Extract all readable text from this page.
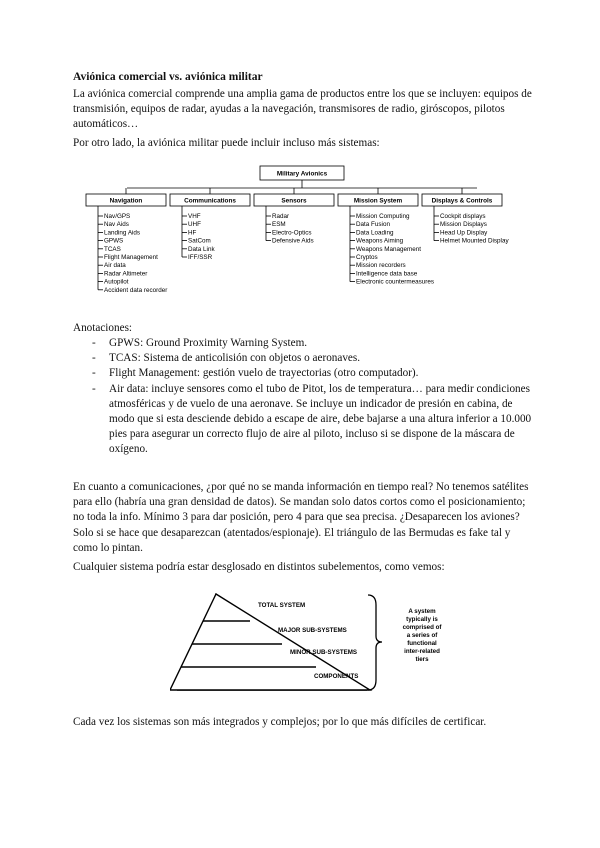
Aviónica comercial vs. aviónica militar
La aviónica comercial comprende una amplia gama de productos entre los que se incluyen: equipos de transmisión, equipos de radar, ayudas a la navegación, transmisores de radio, giróscopos, pilotos automáticos…
Por otro lado, la aviónica militar puede incluir incluso más sistemas:
Military Avionics
Navigation
Nav/GPS
Nav Aids
Landing Aids
GPWS
TCAS
Flight Management
Air data
Radar Altimeter
Autopilot
Accident data recorder
Communications
VHF
UHF
HF
SatCom
Data Link
IFF/SSR
Sensors
Radar
ESM
Electro-Optics
Defensive Aids
Mission System
Mission Computing
Data Fusion
Data Loading
Weapons Aiming
Weapons Management
Cryptos
Mission recorders
Intelligence data base
Electronic countermeasures
Displays & Controls
Cockpit displays
Mission Displays
Head Up Display
Helmet Mounted Display
Anotaciones:
- GPWS: Ground Proximity Warning System.
- TCAS: Sistema de anticolisión con objetos o aeronaves.
- Flight Management: gestión vuelo de trayectorias (otro computador).
- Air data: incluye sensores como el tubo de Pitot, los de temperatura… para medir condiciones atmosféricas y de vuelo de una aeronave. Se incluye un indicador de presión en cabina, de modo que si esta desciende debido a escape de aire, debe bajarse a una altura inferior a 10.000 pies para asegurar un correcto flujo de aire al piloto, incluso si se dispone de la máscara de oxígeno.
En cuanto a comunicaciones, ¿por qué no se manda información en tiempo real? No tenemos satélites para ello (habría una gran densidad de datos). Se mandan solo datos cortos como el posicionamiento; no toda la info. Mínimo 3 para dar posición, pero 4 para que sea precisa. ¿Desaparecen los aviones? Solo si se hace que desaparezcan (atentados/espionaje). El triángulo de las Bermudas es fake tal y como lo pintan.
Cualquier sistema podría estar desglosado en distintos subelementos, como vemos:
TOTAL SYSTEM
MAJOR SUB-SYSTEMS
MINOR SUB-SYSTEMS
COMPONENTS
A system
typically is
comprised of
a series of
functional
inter-related
tiers
Cada vez los sistemas son más integrados y complejos; por lo que más difíciles de certificar.
